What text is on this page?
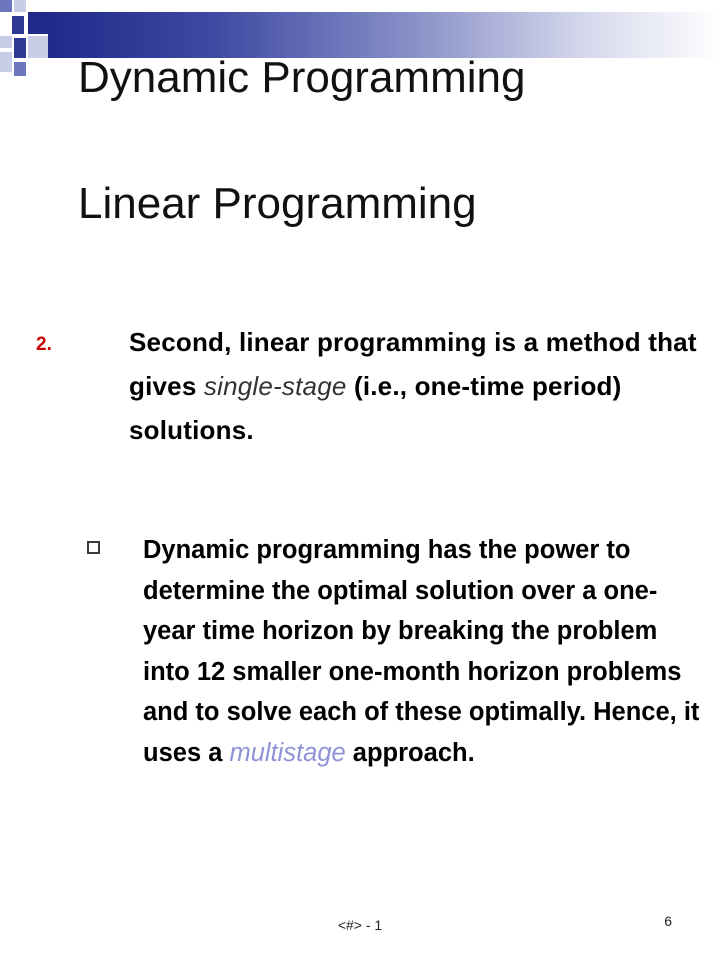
Dynamic Programming
Linear Programming
2.	Second, linear programming is a method that gives single-stage (i.e., one-time period) solutions.
Dynamic programming has the power to determine the optimal solution over a one-year time horizon by breaking the problem into 12 smaller one-month horizon problems and to solve each of these optimally. Hence, it uses a multistage approach.
<#> - 1	6
